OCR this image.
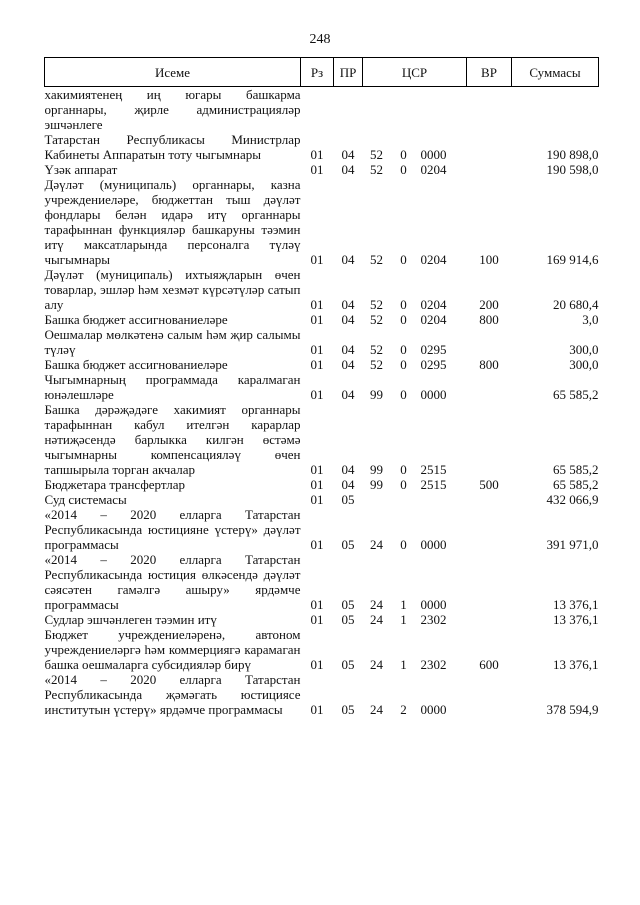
248
Исеме	Рз	ПР	ЦСР	ВР	Суммасы
хакимиятенең иң югары башкарма органнары, җирле администрацияләр эшчәнлеге					
Татарстан Республикасы Министрлар Кабинеты Аппаратын тоту чыгымнары	01	04	52 0 0000		190 898,0
Үзәк аппарат	01	04	52 0 0204		190 598,0
Дәүләт (муниципаль) органнары, казна учреждениеләре, бюджеттан тыш дәүләт фондлары белән идарә итү органнары тарафыннан функцияләр башкаруны тәэмин итү максатларында персоналга түләү чыгымнары	01	04	52 0 0204	100	169 914,6
Дәүләт (муниципаль) ихтыяҗларын өчен товарлар, эшләр һәм хезмәт күрсәтүләр сатып алу	01	04	52 0 0204	200	20 680,4
Башка бюджет ассигнованиеләре	01	04	52 0 0204	800	3,0
Оешмалар мөлкәтенә салым һәм җир салымы түләү	01	04	52 0 0295		300,0
Башка бюджет ассигнованиеләре	01	04	52 0 0295	800	300,0
Чыгымнарның программада каралмаган юнәлешләре	01	04	99 0 0000		65 585,2
Башка дәрәҗәдәге хакимият органнары тарафыннан кабул ителгән карарлар нәтиҗәсендә барлыкка килгән өстәмә чыгымнарны компенсацияләү өчен тапшырыла торган акчалар	01	04	99 0 2515		65 585,2
Бюджетара трансфертлар	01	04	99 0 2515	500	65 585,2
Суд системасы	01	05			432 066,9
«2014 – 2020 елларга Татарстан Республикасында юстицияне үстерү» дәүләт программасы	01	05	24 0 0000		391 971,0
«2014 – 2020 елларга Татарстан Республикасында юстиция өлкәсендә дәүләт сәясәтен гамәлгә ашыру» ярдәмче программасы	01	05	24 1 0000		13 376,1
Судлар эшчәнлеген тәэмин итү	01	05	24 1 2302		13 376,1
Бюджет учреждениеләренә, автоном учреждениеләргә һәм коммерциягә карамаган башка оешмаларга субсидияләр бирү	01	05	24 1 2302	600	13 376,1
«2014 – 2020 елларга Татарстан Республикасында җәмәгать юстициясе институтын үстерү» ярдәмче программасы	01	05	24 2 0000		378 594,9
